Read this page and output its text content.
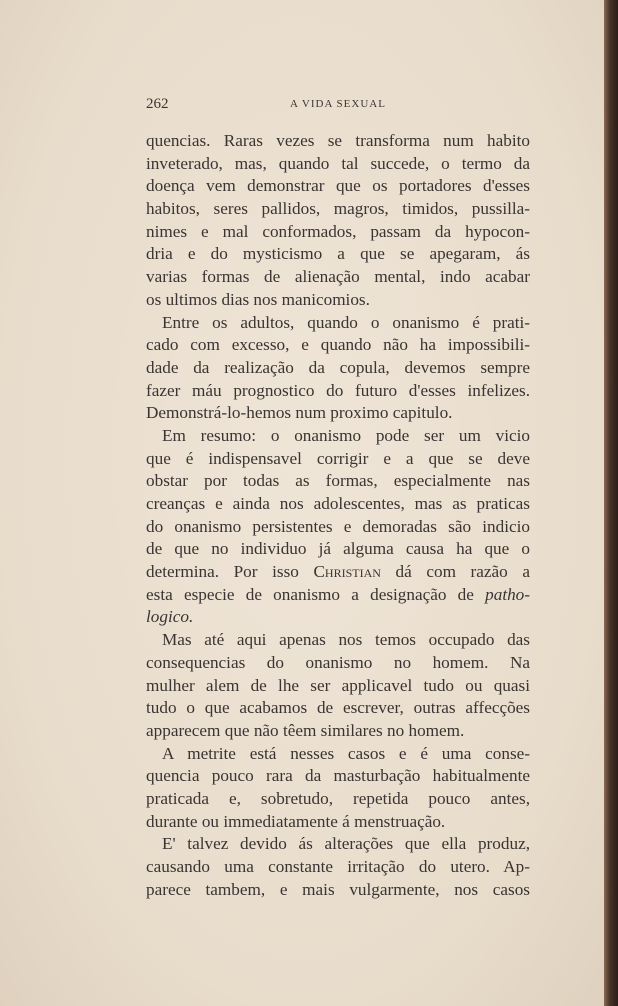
262	A VIDA SEXUAL
quencias. Raras vezes se transforma num habito
inveterado, mas, quando tal succede, o termo da
doença vem demonstrar que os portadores d'esses
habitos, seres pallidos, magros, timidos, pussilla-
nimes e mal conformados, passam da hypocon-
dria e do mysticismo a que se apegaram, ás
varias formas de alienação mental, indo acabar
os ultimos dias nos manicomios.
Entre os adultos, quando o onanismo é prati-
cado com excesso, e quando não ha impossibili-
dade da realização da copula, devemos sempre
fazer máu prognostico do futuro d'esses infelizes.
Demonstrá-lo-hemos num proximo capitulo.
Em resumo: o onanismo pode ser um vicio
que é indispensavel corrigir e a que se deve
obstar por todas as formas, especialmente nas
creanças e ainda nos adolescentes, mas as praticas
do onanismo persistentes e demoradas são indicio
de que no individuo já alguma causa ha que o
determina. Por isso Christian dá com razão a
esta especie de onanismo a designação de patho-
logico.
Mas até aqui apenas nos temos occupado das
consequencias do onanismo no homem. Na
mulher alem de lhe ser applicavel tudo ou quasi
tudo o que acabamos de escrever, outras affecções
apparecem que não têem similares no homem.
A metrite está nesses casos e é uma conse-
quencia pouco rara da masturbação habitualmente
praticada e, sobretudo, repetida pouco antes,
durante ou immediatamente á menstruação.
E' talvez devido ás alterações que ella produz,
causando uma constante irritação do utero. Ap-
parece tambem, e mais vulgarmente, nos casos
